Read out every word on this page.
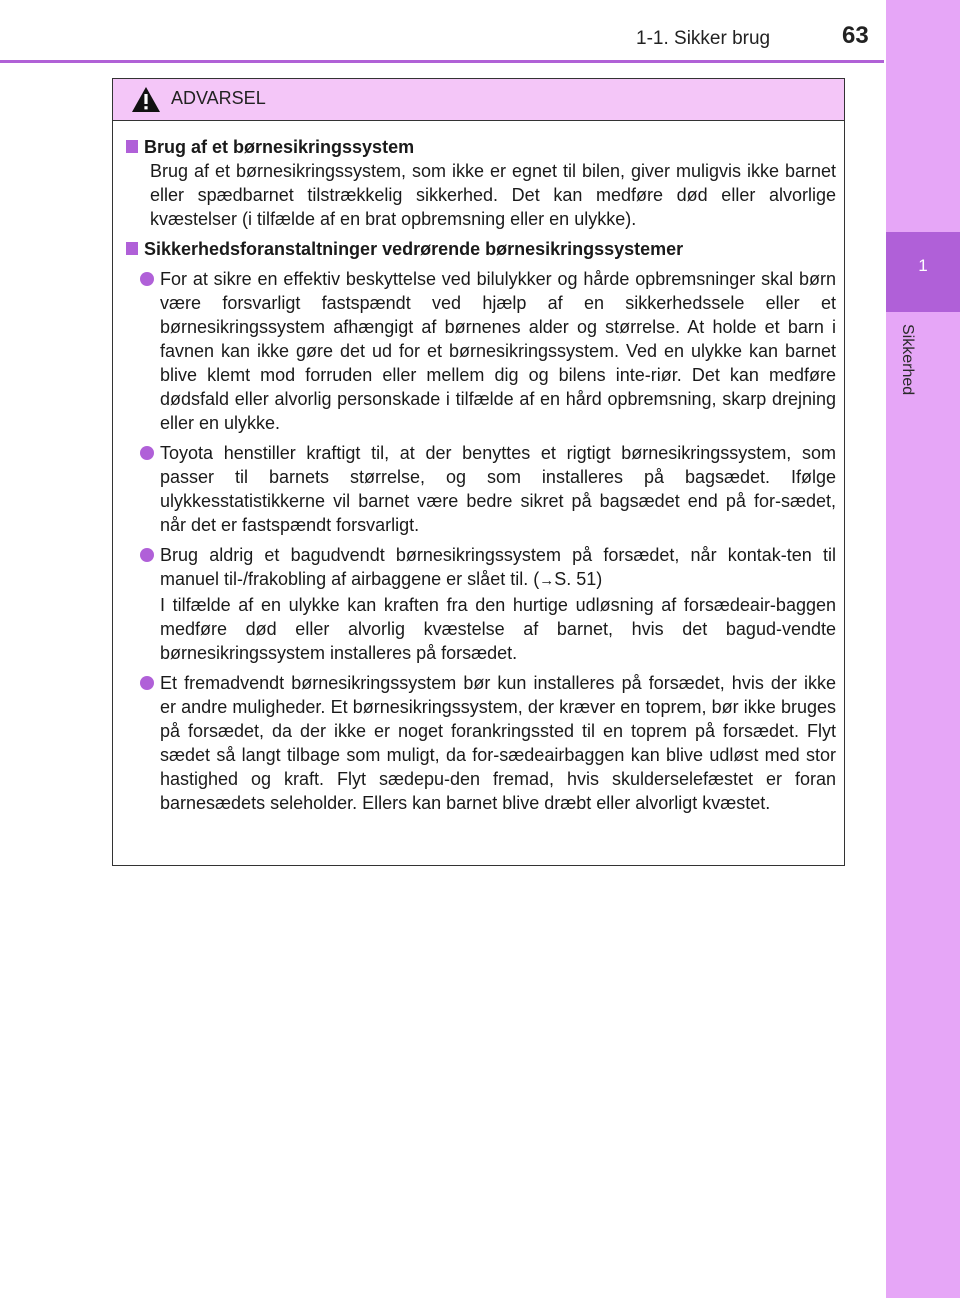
1-1. Sikker brug	63
1
Sikkerhed
ADVARSEL
Brug af et børnesikringssystem
Brug af et børnesikringssystem, som ikke er egnet til bilen, giver muligvis ikke barnet eller spædbarnet tilstrækkelig sikkerhed. Det kan medføre død eller alvorlige kvæstelser (i tilfælde af en brat opbremsning eller en ulykke).
Sikkerhedsforanstaltninger vedrørende børnesikringssystemer
For at sikre en effektiv beskyttelse ved bilulykker og hårde opbremsninger skal børn være forsvarligt fastspændt ved hjælp af en sikkerhedssele eller et børnesikringssystem afhængigt af børnenes alder og størrelse. At holde et barn i favnen kan ikke gøre det ud for et børnesikringssystem. Ved en ulykke kan barnet blive klemt mod forruden eller mellem dig og bilens inte-riør. Det kan medføre dødsfald eller alvorlig personskade i tilfælde af en hård opbremsning, skarp drejning eller en ulykke.
Toyota henstiller kraftigt til, at der benyttes et rigtigt børnesikringssystem, som passer til barnets størrelse, og som installeres på bagsædet. Ifølge ulykkesstatistikkerne vil barnet være bedre sikret på bagsædet end på for-sædet, når det er fastspændt forsvarligt.
Brug aldrig et bagudvendt børnesikringssystem på forsædet, når kontak-ten til manuel til-/frakobling af airbaggene er slået til. (→S. 51)
I tilfælde af en ulykke kan kraften fra den hurtige udløsning af forsædeair-baggen medføre død eller alvorlig kvæstelse af barnet, hvis det bagud-vendte børnesikringssystem installeres på forsædet.
Et fremadvendt børnesikringssystem bør kun installeres på forsædet, hvis der ikke er andre muligheder. Et børnesikringssystem, der kræver en toprem, bør ikke bruges på forsædet, da der ikke er noget forankringssted til en toprem på forsædet. Flyt sædet så langt tilbage som muligt, da for-sædeairbaggen kan blive udløst med stor hastighed og kraft. Flyt sædepu-den fremad, hvis skulderselefæstet er foran barnesædets seleholder. Ellers kan barnet blive dræbt eller alvorligt kvæstet.
